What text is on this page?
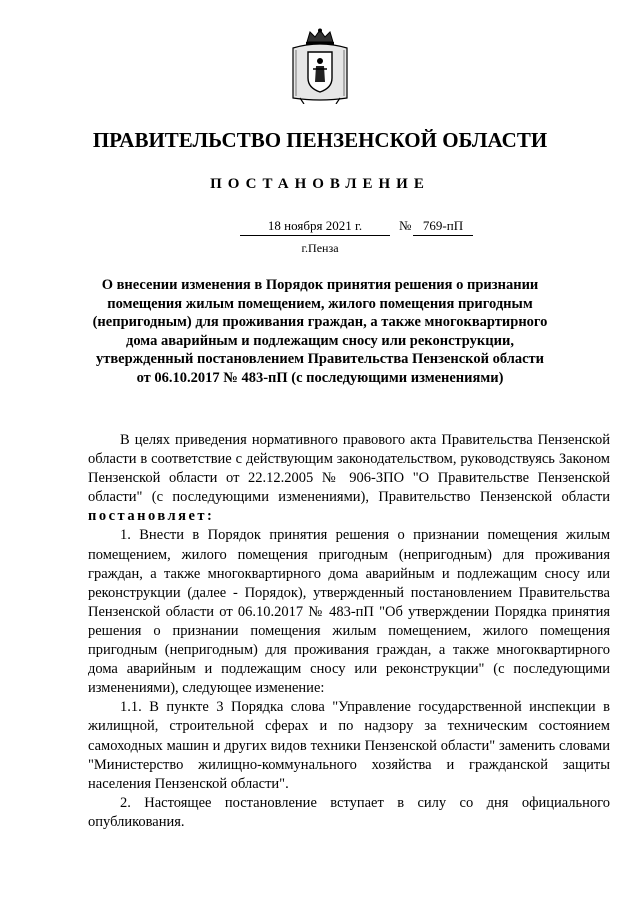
ПРАВИТЕЛЬСТВО ПЕНЗЕНСКОЙ ОБЛАСТИ
ПОСТАНОВЛЕНИЕ
18 ноября 2021 г.	№ 769-пП
г.Пенза
О внесении изменения в Порядок принятия решения о признании помещения жилым помещением, жилого помещения пригодным (непригодным) для проживания граждан, а также многоквартирного дома аварийным и подлежащим сносу или реконструкции, утвержденный постановлением Правительства Пензенской области от 06.10.2017 № 483-пП (с последующими изменениями)

В целях приведения нормативного правового акта Правительства Пензенской области в соответствие с действующим законодательством, руководствуясь Законом Пензенской области от 22.12.2005 № 906-ЗПО "О Правительстве Пензенской области" (с последующими изменениями), Правительство Пензенской области постановляет:

1. Внести в Порядок принятия решения о признании помещения жилым помещением, жилого помещения пригодным (непригодным) для проживания граждан, а также многоквартирного дома аварийным и подлежащим сносу или реконструкции (далее - Порядок), утвержденный постановлением Правительства Пензенской области от 06.10.2017 № 483-пП "Об утверждении Порядка принятия решения о признании помещения жилым помещением, жилого помещения пригодным (непригодным) для проживания граждан, а также многоквартирного дома аварийным и подлежащим сносу или реконструкции" (с последующими изменениями), следующее изменение:

1.1. В пункте 3 Порядка слова "Управление государственной инспекции в жилищной, строительной сферах и по надзору за техническим состоянием самоходных машин и других видов техники Пензенской области" заменить словами "Министерство жилищно-коммунального хозяйства и гражданской защиты населения Пензенской области".

2. Настоящее постановление вступает в силу со дня официального опубликования.
